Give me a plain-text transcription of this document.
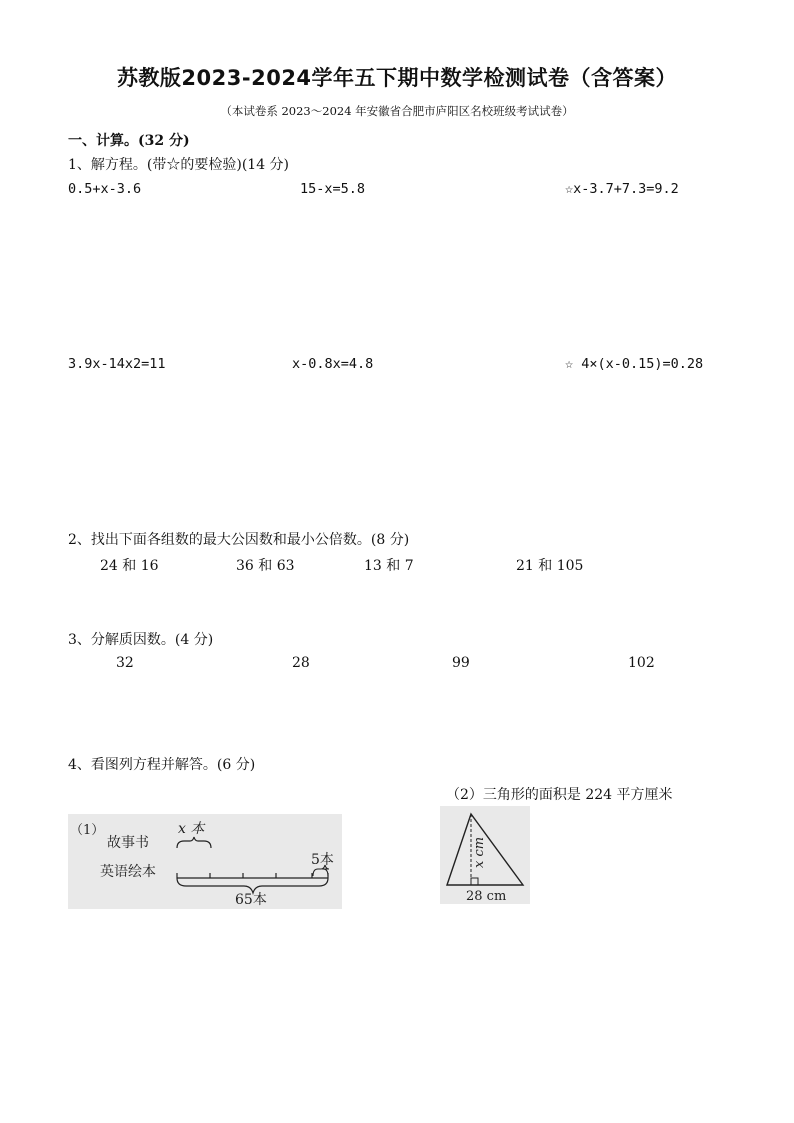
苏教版2023-2024学年五下期中数学检测试卷（含答案）
（本试卷系 2023～2024 年安徽省合肥市庐阳区名校班级考试试卷）
一、计算。(32 分)
1、解方程。(带☆的要检验)(14 分)
0.5+x-3.6	15-x=5.8	☆x-3.7+7.3=9.2
3.9x-14x2=11	x-0.8x=4.8	☆ 4×(x-0.15)=0.28
2、找出下面各组数的最大公因数和最小公倍数。(8 分)
24 和 16	36 和 63	13 和 7	21 和 105
3、分解质因数。(4 分)
32	28	99	102
4、看图列方程并解答。(6 分)
（2）三角形的面积是 224 平方厘米
（1）
故事书
x 本
英语绘本
5本
65本
x cm
28 cm
